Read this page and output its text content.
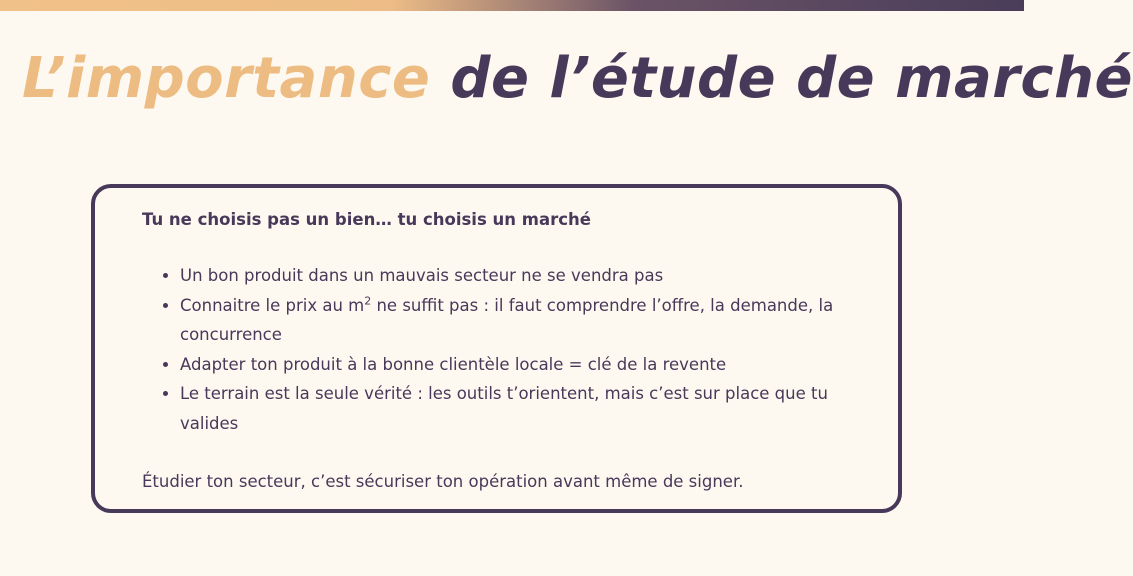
L’importance de l’étude de marché

Tu ne choisis pas un bien… tu choisis un marché

• Un bon produit dans un mauvais secteur ne se vendra pas
• Connaitre le prix au $m^2$ ne suffit pas : il faut comprendre l’offre, la demande, la concurrence
• Adapter ton produit à la bonne clientèle locale = clé de la revente
• Le terrain est la seule vérité : les outils t’orientent, mais c’est sur place que tu valides

Étudier ton secteur, c’est sécuriser ton opération avant même de signer.
